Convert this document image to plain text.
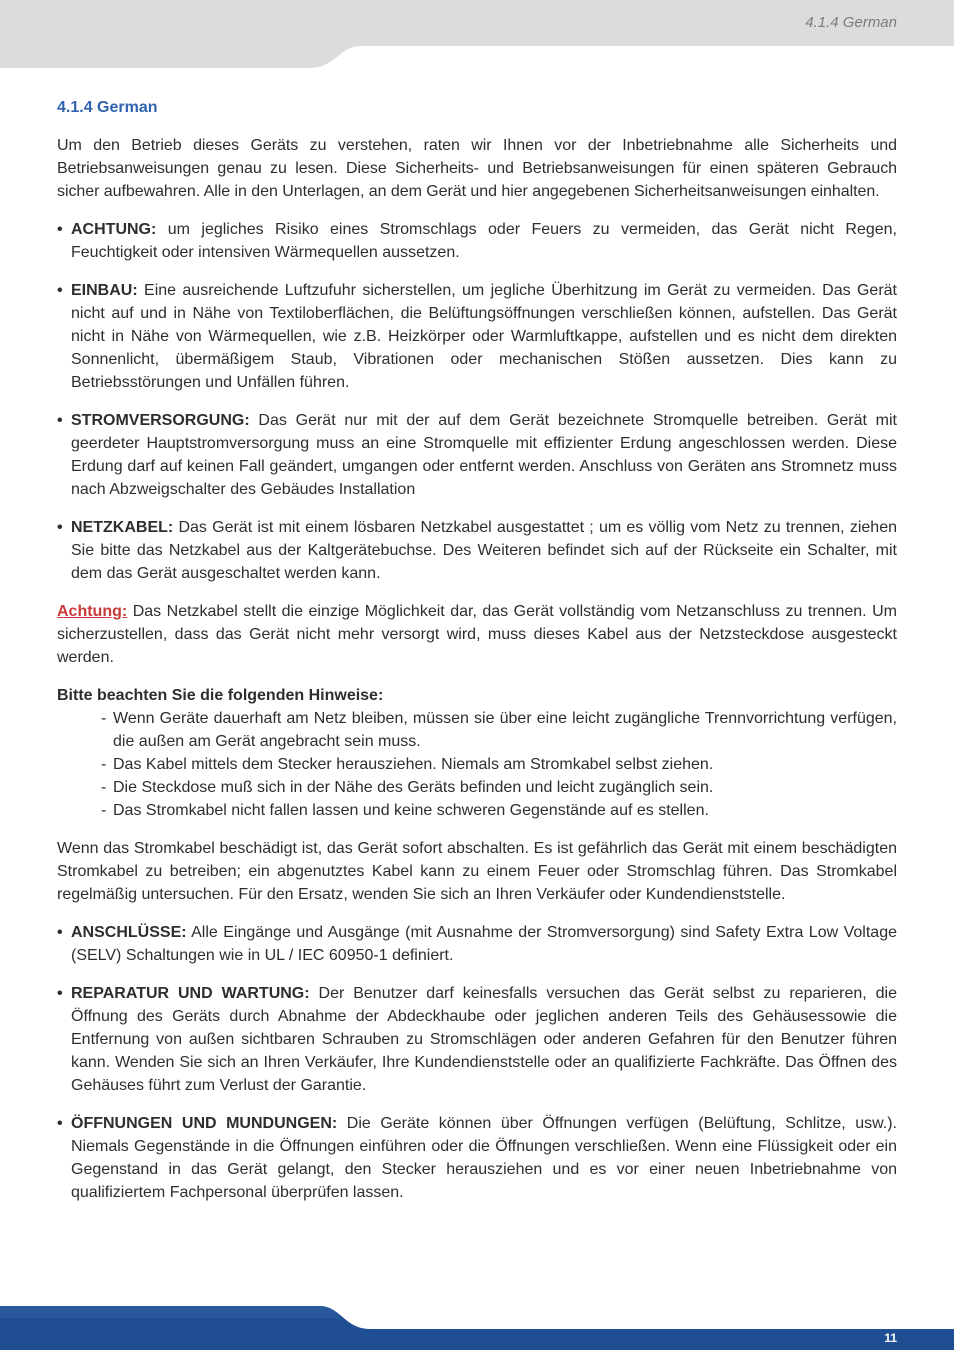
4.1.4 German
4.1.4 German

Um den Betrieb dieses Geräts zu verstehen, raten wir Ihnen vor der Inbetriebnahme alle Sicherheits und Betriebsanweisungen genau zu lesen. Diese Sicherheits- und Betriebsanweisungen für einen späteren Gebrauch sicher aufbewahren. Alle in den Unterlagen, an dem Gerät und hier angegebenen Sicherheitsanweisungen einhalten.

• ACHTUNG: um jegliches Risiko eines Stromschlags oder Feuers zu vermeiden, das Gerät nicht Regen, Feuchtigkeit oder intensiven Wärmequellen aussetzen.
• EINBAU: Eine ausreichende Luftzufuhr sicherstellen, um jegliche Überhitzung im Gerät zu vermeiden. Das Gerät nicht auf und in Nähe von Textiloberflächen, die Belüftungsöffnungen verschließen können, aufstellen. Das Gerät nicht in Nähe von Wärmequellen, wie z.B. Heizkörper oder Warmluftkappe, aufstellen und es nicht dem direkten Sonnenlicht, übermäßigem Staub, Vibrationen oder mechanischen Stößen aussetzen. Dies kann zu Betriebsstörungen und Unfällen führen.
• STROMVERSORGUNG: Das Gerät nur mit der auf dem Gerät bezeichnete Stromquelle betreiben. Gerät mit geerdeter Hauptstromversorgung muss an eine Stromquelle mit effizienter Erdung angeschlossen werden. Diese Erdung darf auf keinen Fall geändert, umgangen oder entfernt werden. Anschluss von Geräten ans Stromnetz muss nach Abzweigschalter des Gebäudes Installation
• NETZKABEL: Das Gerät ist mit einem lösbaren Netzkabel ausgestattet ; um es völlig vom Netz zu trennen, ziehen Sie bitte das Netzkabel aus der Kaltgerätebuchse. Des Weiteren befindet sich auf der Rückseite ein Schalter, mit dem das Gerät ausgeschaltet werden kann.

Achtung: Das Netzkabel stellt die einzige Möglichkeit dar, das Gerät vollständig vom Netzanschluss zu trennen. Um sicherzustellen, dass das Gerät nicht mehr versorgt wird, muss dieses Kabel aus der Netzsteckdose ausgesteckt werden.

Bitte beachten Sie die folgenden Hinweise:
- Wenn Geräte dauerhaft am Netz bleiben, müssen sie über eine leicht zugängliche Trennvorrichtung verfügen, die außen am Gerät angebracht sein muss.
- Das Kabel mittels dem Stecker herausziehen. Niemals am Stromkabel selbst ziehen.
- Die Steckdose muß sich in der Nähe des Geräts befinden und leicht zugänglich sein.
- Das Stromkabel nicht fallen lassen und keine schweren Gegenstände auf es stellen.

Wenn das Stromkabel beschädigt ist, das Gerät sofort abschalten. Es ist gefährlich das Gerät mit einem beschädigten Stromkabel zu betreiben; ein abgenutztes Kabel kann zu einem Feuer oder Stromschlag führen. Das Stromkabel regelmäßig untersuchen. Für den Ersatz, wenden Sie sich an Ihren Verkäufer oder Kundendienststelle.

• ANSCHLÜSSE: Alle Eingänge und Ausgänge (mit Ausnahme der Stromversorgung) sind Safety Extra Low Voltage (SELV) Schaltungen wie in UL / IEC 60950-1 definiert.
• REPARATUR UND WARTUNG: Der Benutzer darf keinesfalls versuchen das Gerät selbst zu reparieren, die Öffnung des Geräts durch Abnahme der Abdeckhaube oder jeglichen anderen Teils des Gehäusessowie die Entfernung von außen sichtbaren Schrauben zu Stromschlägen oder anderen Gefahren für den Benutzer führen kann. Wenden Sie sich an Ihren Verkäufer, Ihre Kundendienststelle oder an qualifizierte Fachkräfte. Das Öffnen des Gehäuses führt zum Verlust der Garantie.
• ÖFFNUNGEN UND MUNDUNGEN: Die Geräte können über Öffnungen verfügen (Belüftung, Schlitze, usw.). Niemals Gegenstände in die Öffnungen einführen oder die Öffnungen verschließen. Wenn eine Flüssigkeit oder ein Gegenstand in das Gerät gelangt, den Stecker herausziehen und es vor einer neuen Inbetriebnahme von qualifiziertem Fachpersonal überprüfen lassen.
11
